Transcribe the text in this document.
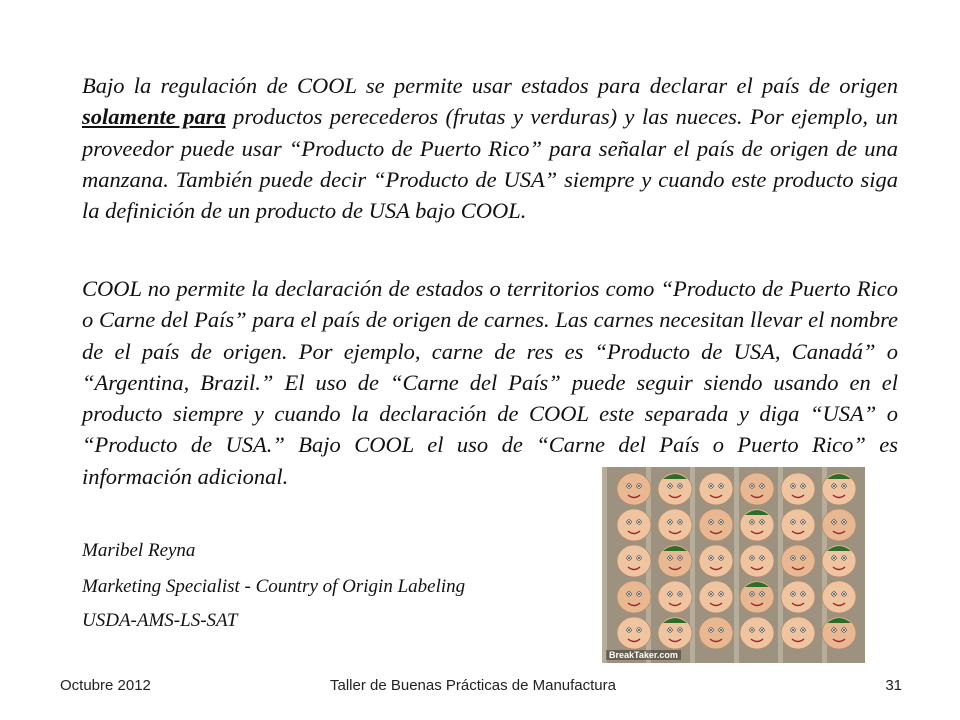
Bajo la regulación de COOL se permite usar estados para declarar el país de origen solamente para productos perecederos (frutas y verduras) y las nueces. Por ejemplo, un proveedor puede usar “Producto de Puerto Rico” para señalar el país de origen de una manzana. También puede decir “Producto de USA” siempre y cuando este producto siga la definición de un producto de USA bajo COOL.

COOL no permite la declaración de estados o territorios como “Producto de Puerto Rico o Carne del País” para el país de origen de carnes. Las carnes necesitan llevar el nombre de el país de origen. Por ejemplo, carne de res es “Producto de USA, Canadá” o “Argentina, Brazil.” El uso de “Carne del País” puede seguir siendo usando en el producto siempre y cuando la declaración de COOL este separada y diga “USA” o “Producto de USA.” Bajo COOL el uso de “Carne del País o Puerto Rico” es información adicional.

Maribel Reyna

Marketing Specialist - Country of Origin Labeling

USDA-AMS-LS-SAT

BreakTaker.com
Octubre 2012	Taller de Buenas Prácticas de Manufactura	31
